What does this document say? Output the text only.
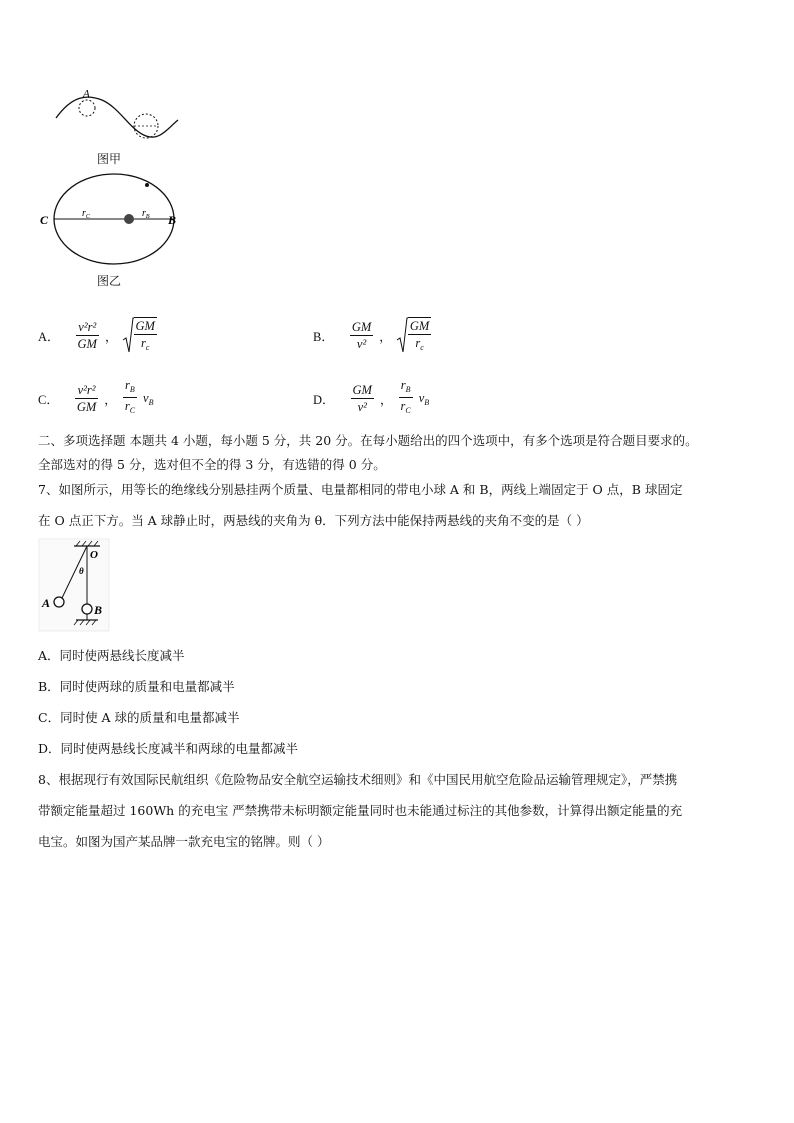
A
图甲
C	B
$r_C$	$r_B$
图乙
A． $\frac{\text{v²r²}}{GM}$ ， $\frac{GM}{r_c}$	B． $\frac{GM}{\text{v²}}$ ， $\frac{GM}{r_c}$
C． $\frac{\text{v²r²}}{GM}$ ， $\frac{r_B}{r_C} v_B$	D． $\frac{GM}{\text{v²}}$ ， $\frac{r_B}{r_C} v_B$
二、多项选择题 本题共 4 小题，每小题 5 分，共 20 分。在每小题给出的四个选项中，有多个选项是符合题目要求的。
全部选对的得 5 分，选对但不全的得 3 分，有选错的得 0 分。
7、如图所示，用等长的绝缘线分别悬挂两个质量、电量都相同的带电小球 A 和 B，两线上端固定于 O 点，B 球固定
在 O 点正下方。当 A 球静止时，两悬线的夹角为 θ．下列方法中能保持两悬线的夹角不变的是（ ）
O
θ
A	B
A．同时使两悬线长度减半
B．同时使两球的质量和电量都减半
C．同时使 A 球的质量和电量都减半
D．同时使两悬线长度减半和两球的电量都减半
8、根据现行有效国际民航组织《危险物品安全航空运输技术细则》和《中国民用航空危险品运输管理规定》，严禁携
带额定能量超过 160Wh 的充电宝 严禁携带未标明额定能量同时也未能通过标注的其他参数，计算得出额定能量的充
电宝。如图为国产某品牌一款充电宝的铭牌。则（ ）
